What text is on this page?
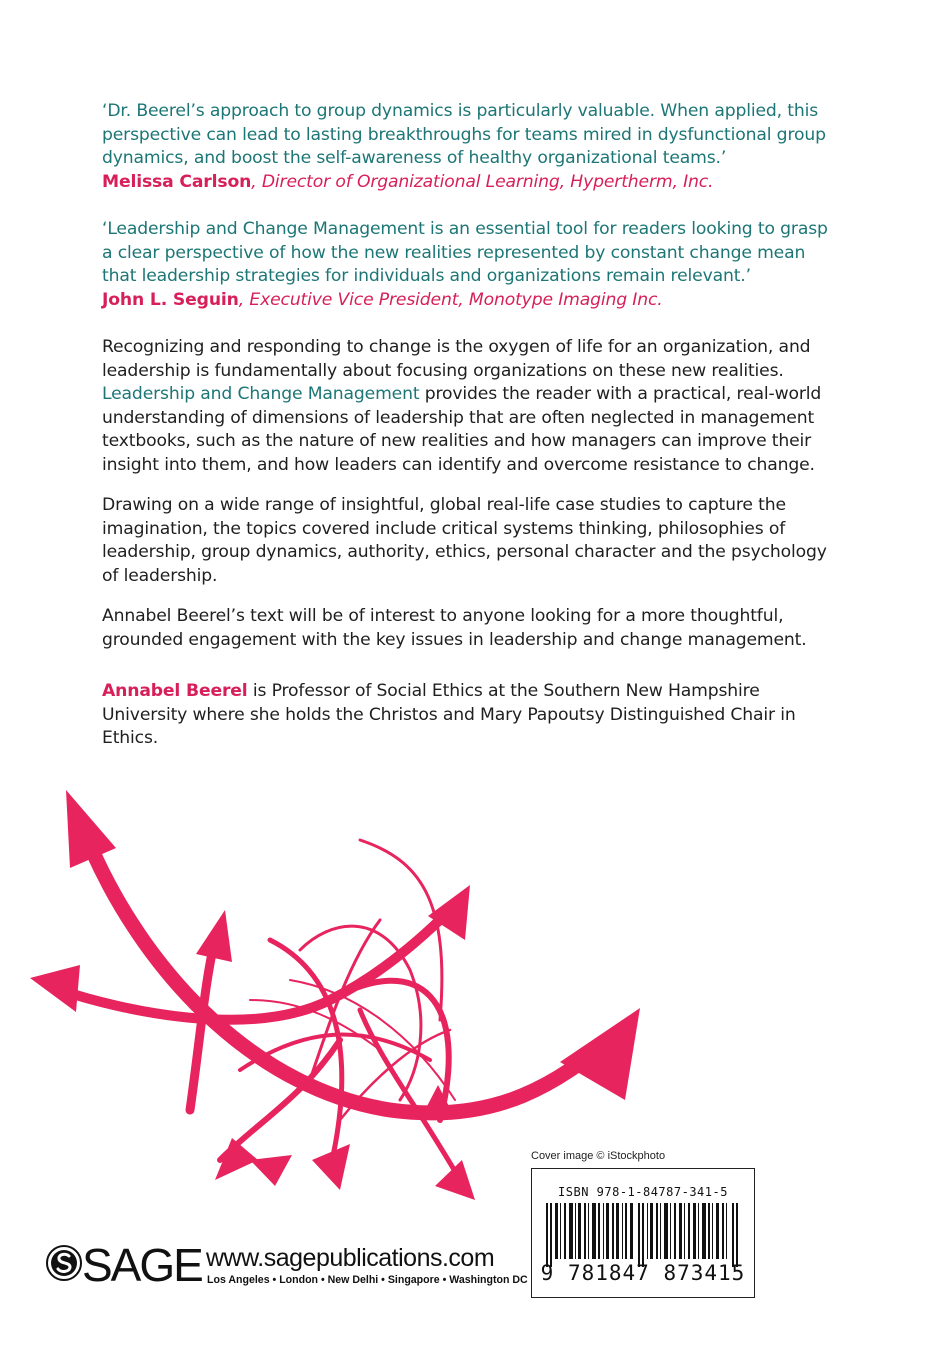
‘Dr. Beerel’s approach to group dynamics is particularly valuable. When applied, this perspective can lead to lasting breakthroughs for teams mired in dysfunctional group dynamics, and boost the self-awareness of healthy organizational teams.’
Melissa Carlson, Director of Organizational Learning, Hypertherm, Inc.

‘Leadership and Change Management is an essential tool for readers looking to grasp a clear perspective of how the new realities represented by constant change mean that leadership strategies for individuals and organizations remain relevant.’
John L. Seguin, Executive Vice President, Monotype Imaging Inc.

Recognizing and responding to change is the oxygen of life for an organization, and leadership is fundamentally about focusing organizations on these new realities. Leadership and Change Management provides the reader with a practical, real-world understanding of dimensions of leadership that are often neglected in management textbooks, such as the nature of new realities and how managers can improve their insight into them, and how leaders can identify and overcome resistance to change.

Drawing on a wide range of insightful, global real-life case studies to capture the imagination, the topics covered include critical systems thinking, philosophies of leadership, group dynamics, authority, ethics, personal character and the psychology of leadership.

Annabel Beerel’s text will be of interest to anyone looking for a more thoughtful, grounded engagement with the key issues in leadership and change management.

Annabel Beerel is Professor of Social Ethics at the Southern New Hampshire University where she holds the Christos and Mary Papoutsy Distinguished Chair in Ethics.

Cover image © iStockphoto
ISBN 978-1-84787-341-5
9 781847 873415
SAGE www.sagepublications.com
Los Angeles • London • New Delhi • Singapore • Washington DC
